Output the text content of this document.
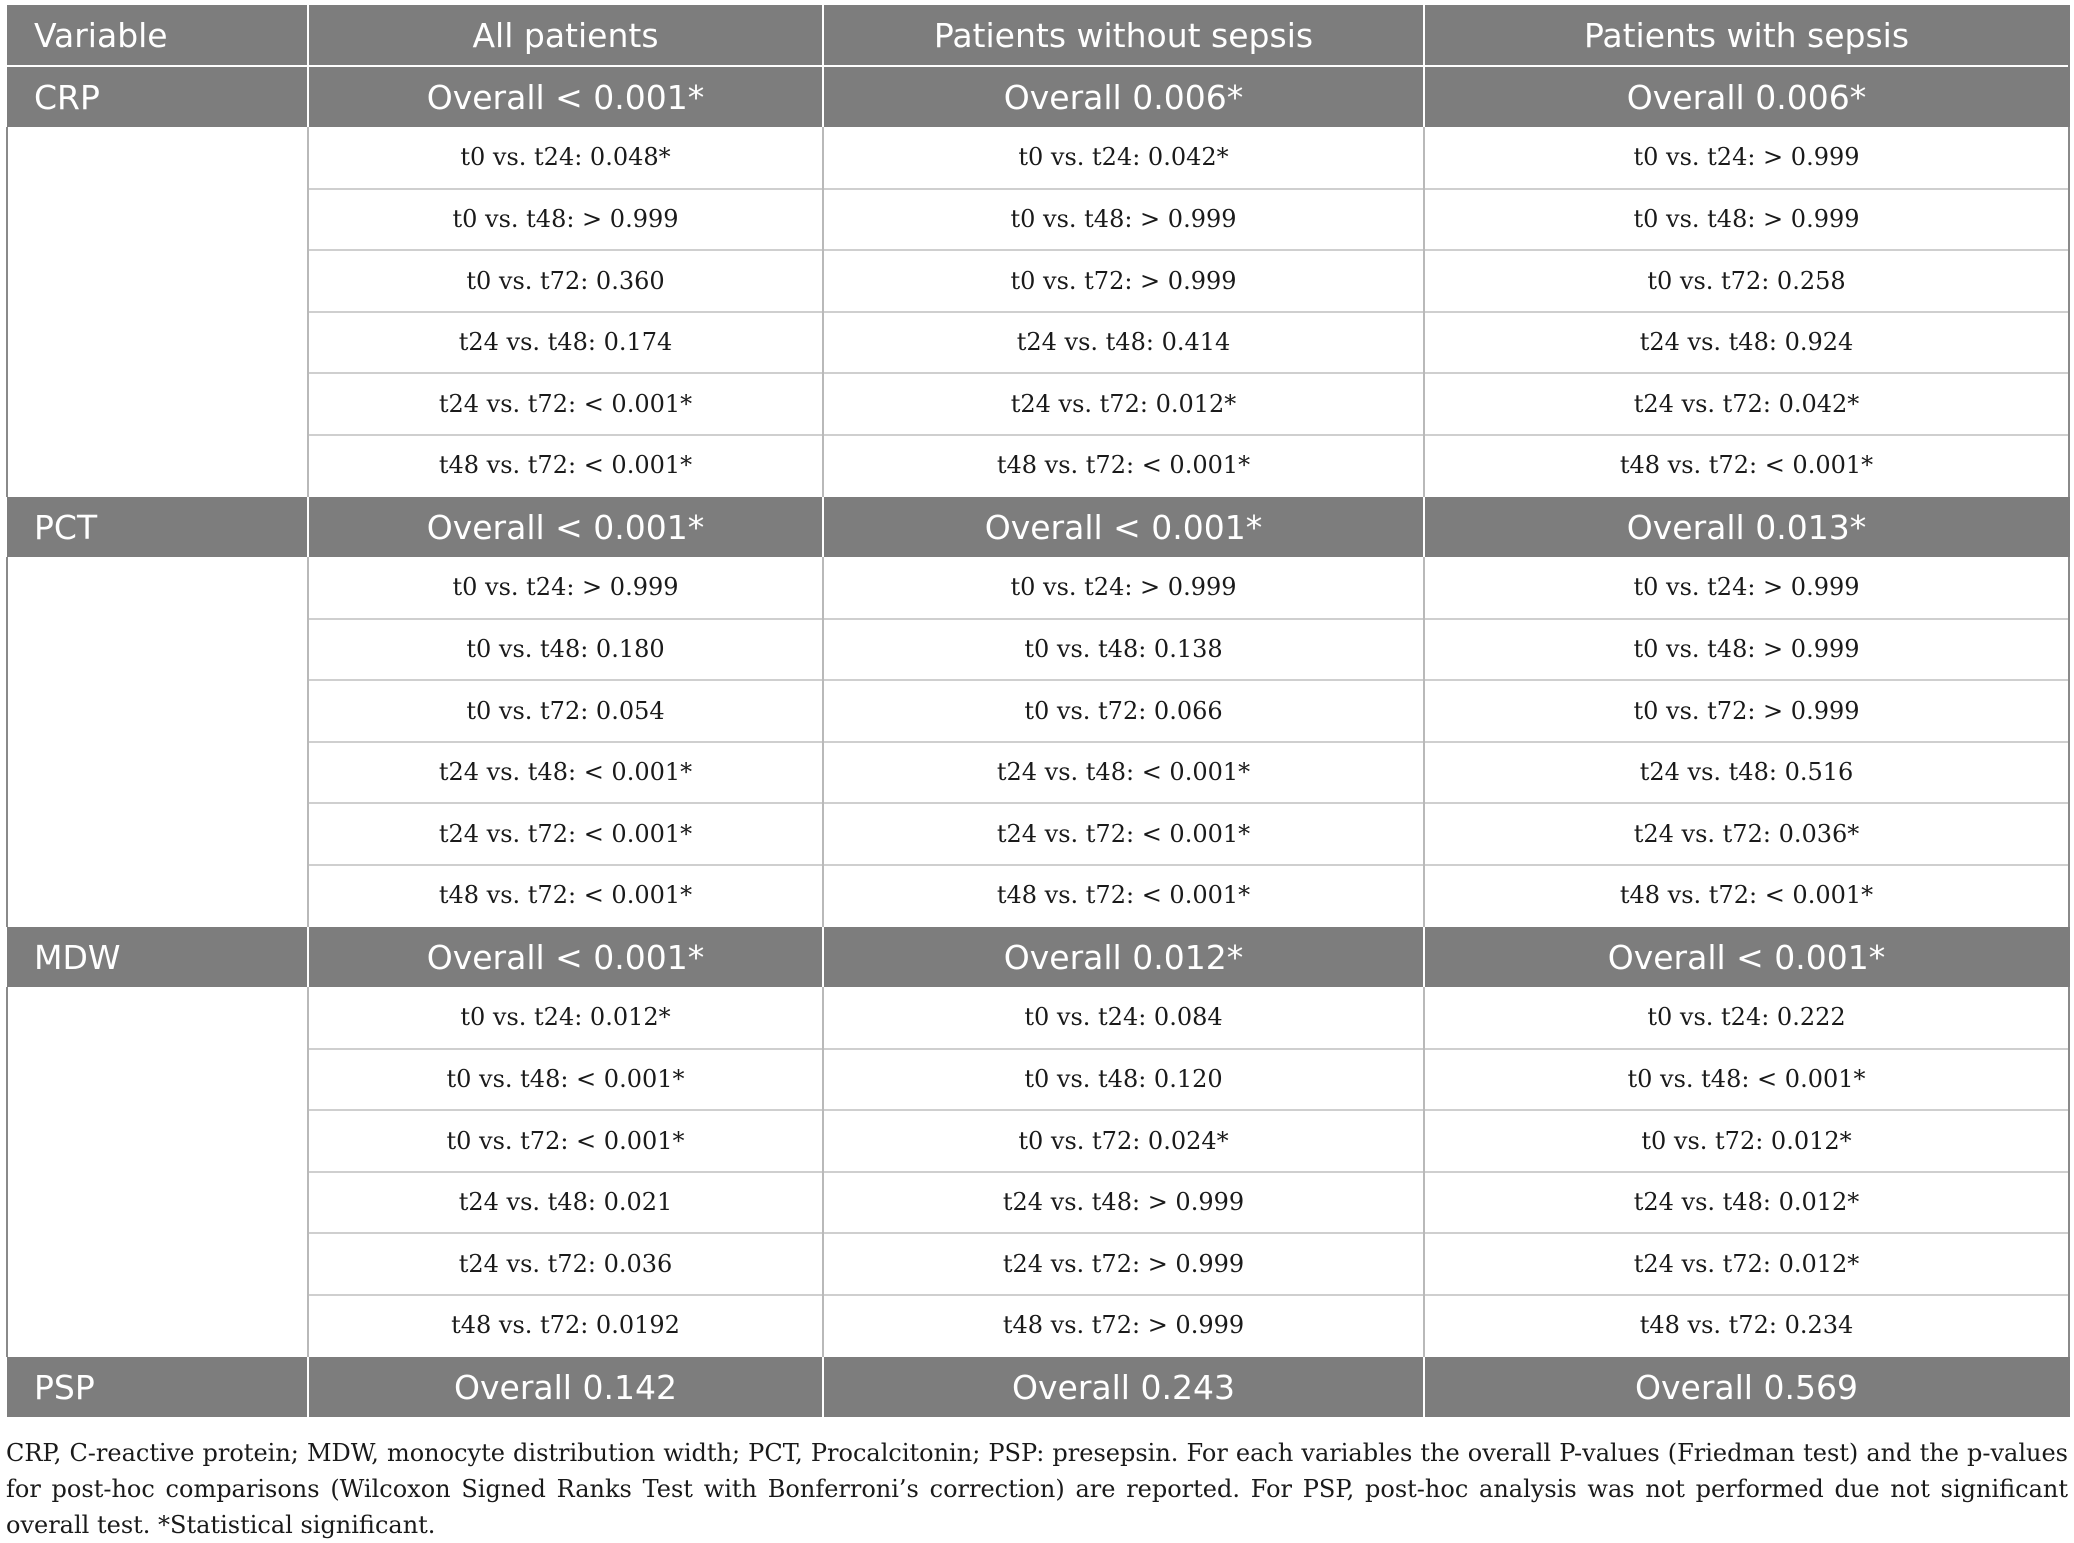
Variable	All patients	Patients without sepsis	Patients with sepsis
CRP	Overall < 0.001*	Overall 0.006*	Overall 0.006*
	t0 vs. t24: 0.048*	t0 vs. t24: 0.042*	t0 vs. t24: > 0.999
	t0 vs. t48: > 0.999	t0 vs. t48: > 0.999	t0 vs. t48: > 0.999
	t0 vs. t72: 0.360	t0 vs. t72: > 0.999	t0 vs. t72: 0.258
	t24 vs. t48: 0.174	t24 vs. t48: 0.414	t24 vs. t48: 0.924
	t24 vs. t72: < 0.001*	t24 vs. t72: 0.012*	t24 vs. t72: 0.042*
	t48 vs. t72: < 0.001*	t48 vs. t72: < 0.001*	t48 vs. t72: < 0.001*
PCT	Overall < 0.001*	Overall < 0.001*	Overall 0.013*
	t0 vs. t24: > 0.999	t0 vs. t24: > 0.999	t0 vs. t24: > 0.999
	t0 vs. t48: 0.180	t0 vs. t48: 0.138	t0 vs. t48: > 0.999
	t0 vs. t72: 0.054	t0 vs. t72: 0.066	t0 vs. t72: > 0.999
	t24 vs. t48: < 0.001*	t24 vs. t48: < 0.001*	t24 vs. t48: 0.516
	t24 vs. t72: < 0.001*	t24 vs. t72: < 0.001*	t24 vs. t72: 0.036*
	t48 vs. t72: < 0.001*	t48 vs. t72: < 0.001*	t48 vs. t72: < 0.001*
MDW	Overall < 0.001*	Overall 0.012*	Overall < 0.001*
	t0 vs. t24: 0.012*	t0 vs. t24: 0.084	t0 vs. t24: 0.222
	t0 vs. t48: < 0.001*	t0 vs. t48: 0.120	t0 vs. t48: < 0.001*
	t0 vs. t72: < 0.001*	t0 vs. t72: 0.024*	t0 vs. t72: 0.012*
	t24 vs. t48: 0.021	t24 vs. t48: > 0.999	t24 vs. t48: 0.012*
	t24 vs. t72: 0.036	t24 vs. t72: > 0.999	t24 vs. t72: 0.012*
	t48 vs. t72: 0.0192	t48 vs. t72: > 0.999	t48 vs. t72: 0.234
PSP	Overall 0.142	Overall 0.243	Overall 0.569

CRP, C-reactive protein; MDW, monocyte distribution width; PCT, Procalcitonin; PSP: presepsin. For each variables the overall P-values (Friedman test) and the p-values for post-hoc comparisons (Wilcoxon Signed Ranks Test with Bonferroni’s correction) are reported. For PSP, post-hoc analysis was not performed due not significant overall test. *Statistical significant.
